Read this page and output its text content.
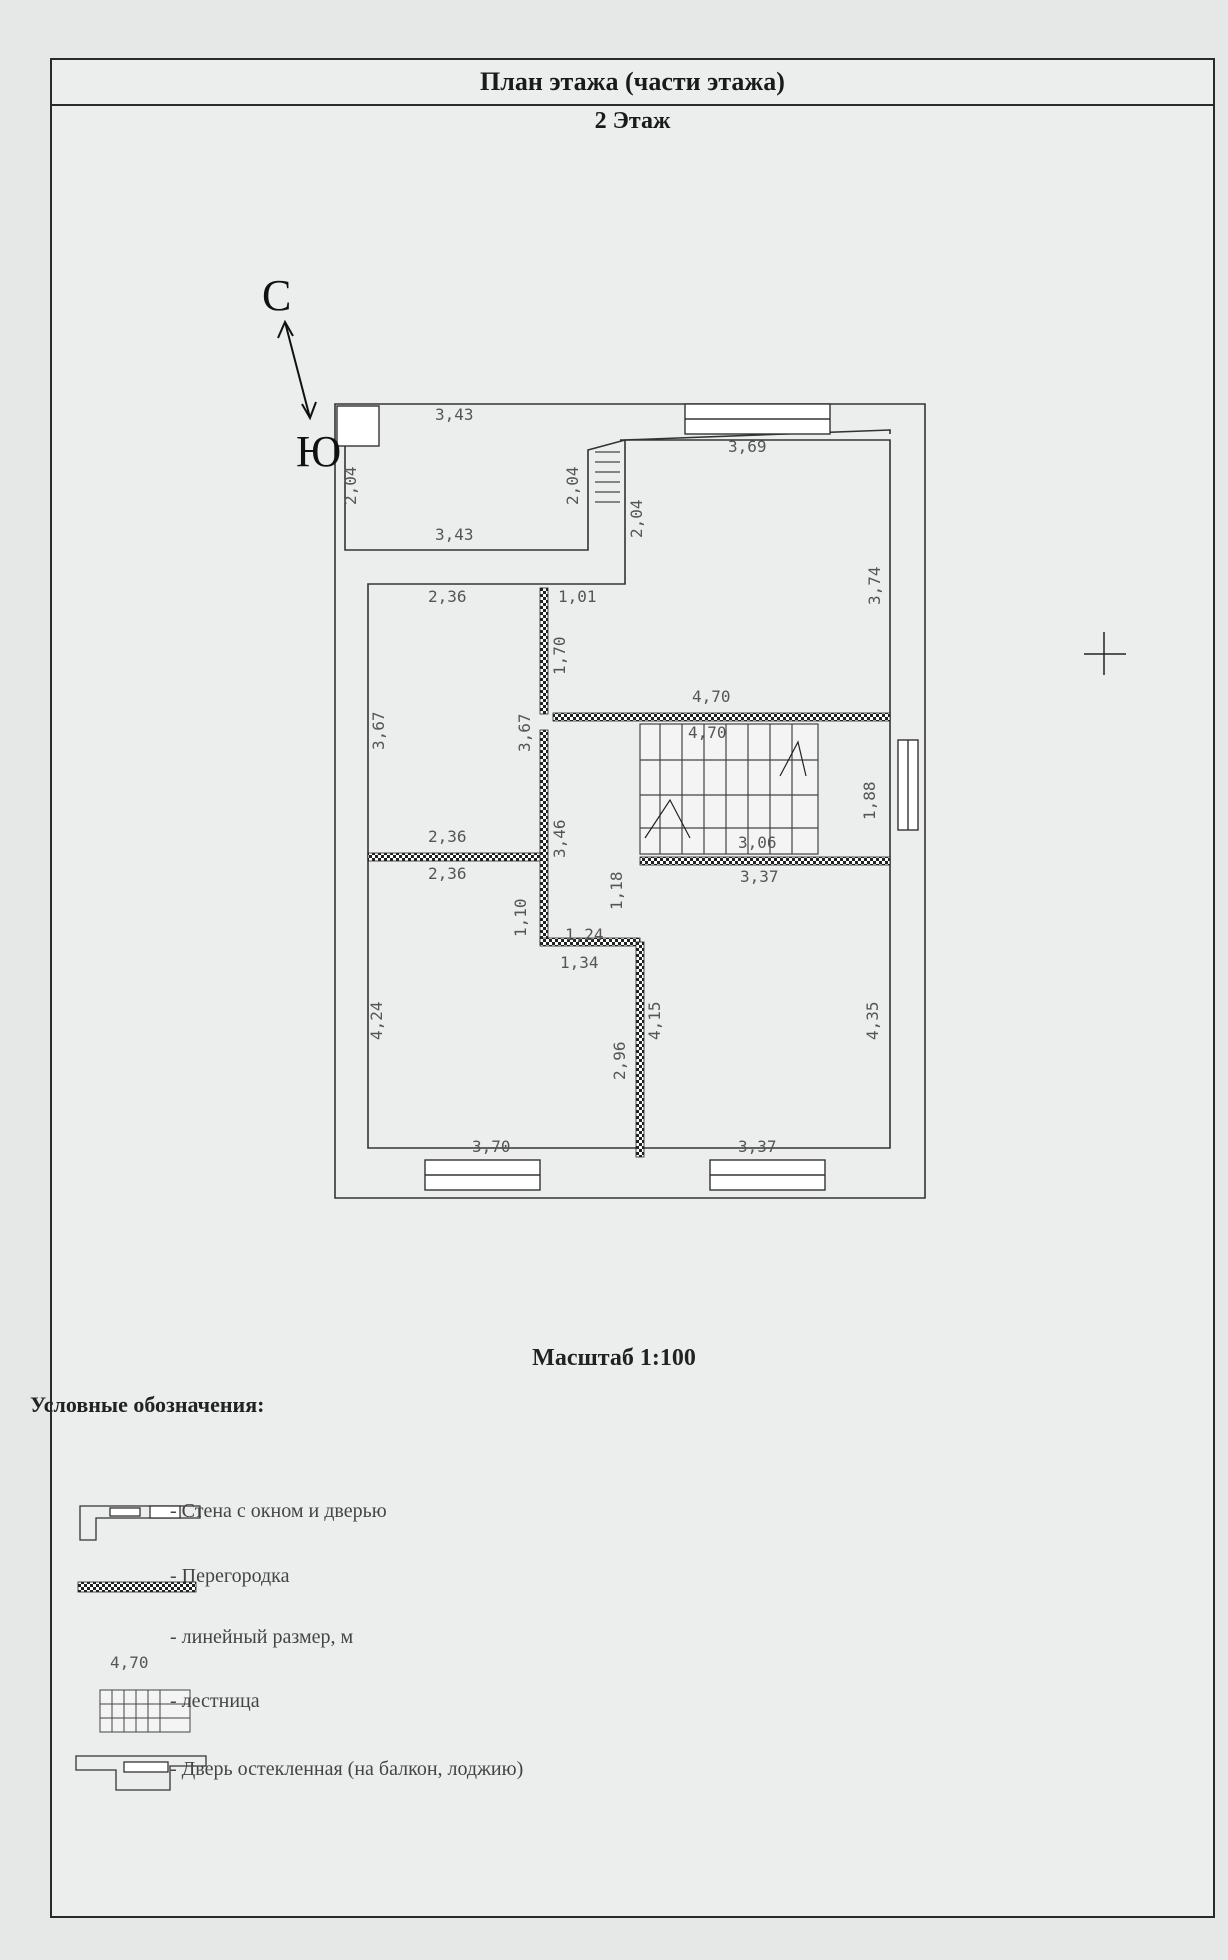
План этажа (части этажа)
2 Этаж
3,43
3,43
2,04	2,04
2,04
3,69
3,74
2,36	1,01
1,70
3,67	3,67
4,70
4,70
1,88
2,36	3,46	3,06
2,36	3,37
1,10
1,18
1,24
1,34
4,24
2,96
4,15	4,35
3,70	3,37
4,70
С
Ю
Масштаб 1:100
Условные обозначения:
- Стена с окном и дверью
- Перегородка
- линейный размер, м
- лестница
- Дверь остекленная (на балкон, лоджию)
